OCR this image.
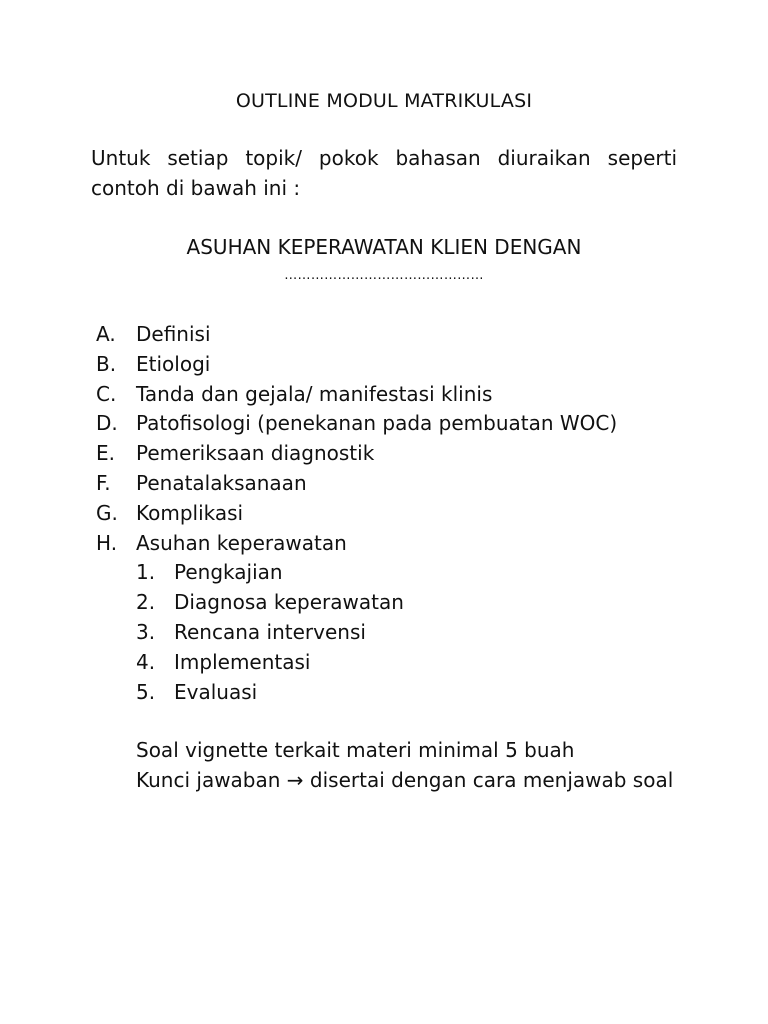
OUTLINE MODUL MATRIKULASI
Untuk setiap topik/ pokok bahasan diuraikan seperti contoh di bawah ini :
ASUHAN KEPERAWATAN KLIEN DENGAN
………………………………………
A. Definisi
B. Etiologi
C. Tanda dan gejala/ manifestasi klinis
D. Patofisologi (penekanan pada pembuatan WOC)
E. Pemeriksaan diagnostik
F. Penatalaksanaan
G. Komplikasi
H. Asuhan keperawatan
1. Pengkajian
2. Diagnosa keperawatan
3. Rencana intervensi
4. Implementasi
5. Evaluasi
Soal vignette terkait materi minimal 5 buah
Kunci jawaban → disertai dengan cara menjawab soal
